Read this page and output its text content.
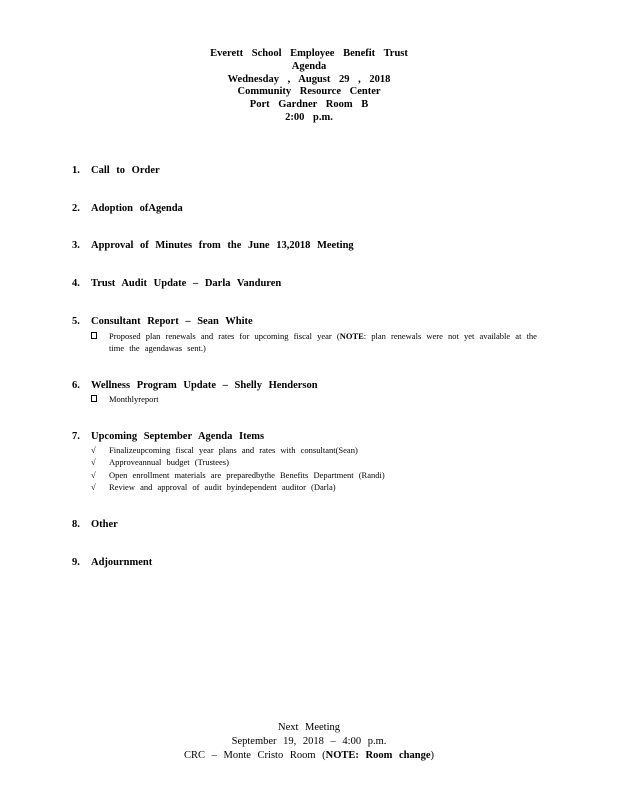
Everett School Employee Benefit Trust
Agenda
Wednesday , August 29 , 2018
Community Resource Center
Port Gardner Room B
2:00 p.m.
1. Call to Order
2. Adoption ofAgenda
3. Approval of Minutes from the June 13,2018 Meeting
4. Trust Audit Update – Darla Vanduren
5. Consultant Report – Sean White
Proposed plan renewals and rates for upcoming fiscal year (NOTE: plan renewals were not yet available at the time the agendawas sent.)
6. Wellness Program Update – Shelly Henderson
Monthlyreport
7. Upcoming September Agenda Items
√	Finalizeupcoming fiscal year plans and rates with consultant(Sean)
√	Approveannual budget (Trustees)
√	Open enrollment materials are preparedbythe Benefits Department (Randi)
√	Review and approval of audit byindependent auditor (Darla)
8. Other
9. Adjournment
Next Meeting
September 19, 2018 – 4:00 p.m.
CRC – Monte Cristo Room (NOTE: Room change)
